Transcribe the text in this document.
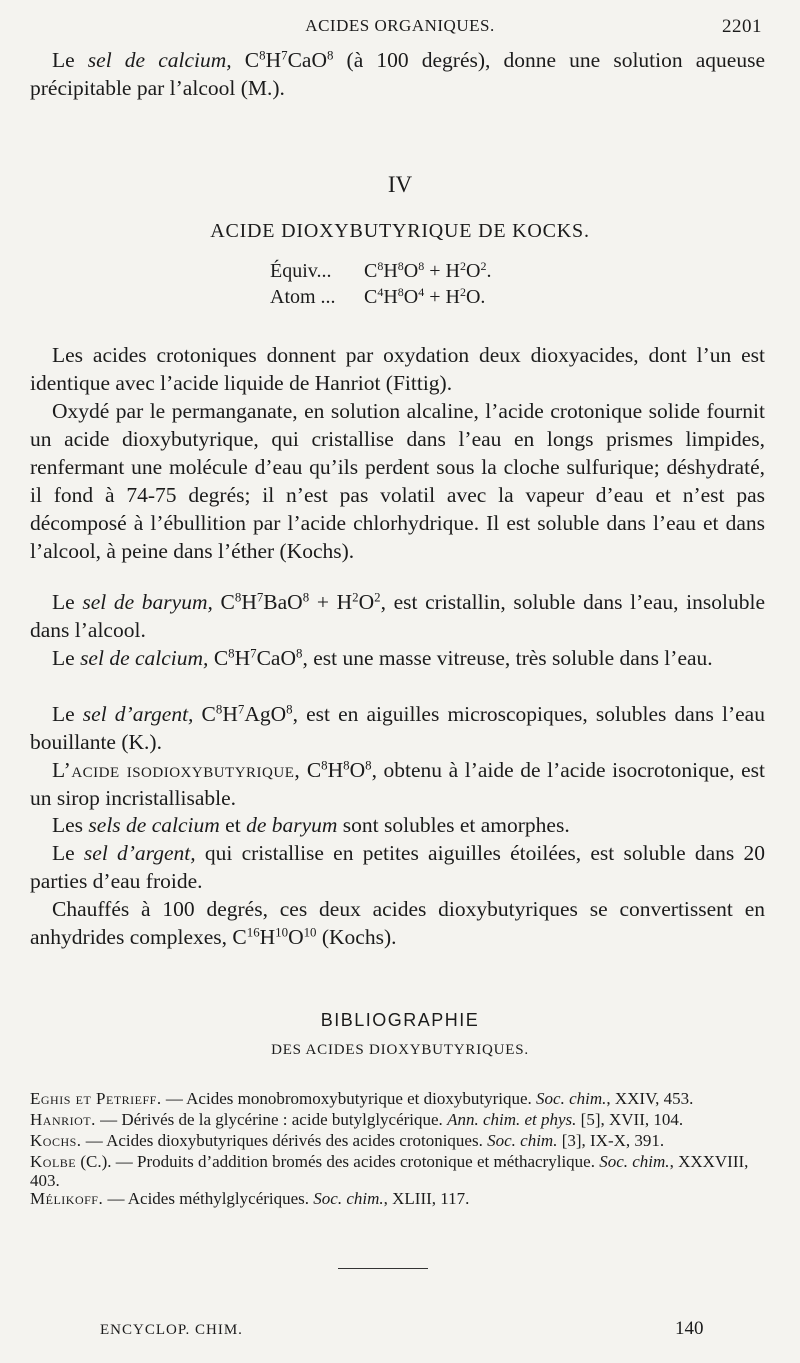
ACIDES ORGANIQUES.	2201
Le sel de calcium, $C^8H^7CaO^8$ (à 100 degrés), donne une solution aqueuse précipitable par l’alcool (M.).
IV
ACIDE DIOXYBUTYRIQUE DE KOCKS.
Équiv... $C^8H^8O^8 + H^2O^2$.
Atom ... $C^4H^8O^4 + H^2O$.
Les acides crotoniques donnent par oxydation deux dioxyacides, dont l’un est identique avec l’acide liquide de Hanriot (Fittig).
Oxydé par le permanganate, en solution alcaline, l’acide crotonique solide fournit un acide dioxybutyrique, qui cristallise dans l’eau en longs prismes limpides, renfermant une molécule d’eau qu’ils perdent sous la cloche sulfurique; déshydraté, il fond à 74-75 degrés; il n’est pas volatil avec la vapeur d’eau et n’est pas décomposé à l’ébullition par l’acide chlorhydrique. Il est soluble dans l’eau et dans l’alcool, à peine dans l’éther (Kochs).
Le sel de baryum, $C^8H^7BaO^8 + H^2O^2$, est cristallin, soluble dans l’eau, insoluble dans l’alcool.
Le sel de calcium, $C^8H^7CaO^8$, est une masse vitreuse, très soluble dans l’eau.
Le sel d’argent, $C^8H^7AgO^8$, est en aiguilles microscopiques, solubles dans l’eau bouillante (K.).
L’acide isodioxybutyrique, $C^8H^8O^8$, obtenu à l’aide de l’acide isocrotonique, est un sirop incristallisable.
Les sels de calcium et de baryum sont solubles et amorphes.
Le sel d’argent, qui cristallise en petites aiguilles étoilées, est soluble dans 20 parties d’eau froide.
Chauffés à 100 degrés, ces deux acides dioxybutyriques se convertissent en anhydrides complexes, $C^{16}H^{10}O^{10}$ (Kochs).
BIBLIOGRAPHIE
DES ACIDES DIOXYBUTYRIQUES.
Eghis et Petrieff. — Acides monobromoxybutyrique et dioxybutyrique. Soc. chim., XXIV, 453.
Hanriot. — Dérivés de la glycérine : acide butylglycérique. Ann. chim. et phys. [5], XVII, 104.
Kochs. — Acides dioxybutyriques dérivés des acides crotoniques. Soc. chim. [3], IX-X, 391.
Kolbe (C.). — Produits d’addition bromés des acides crotonique et méthacrylique. Soc. chim., XXXVIII, 403.
Mélikoff. — Acides méthylglycériques. Soc. chim., XLIII, 117.
ENCYCLOP. CHIM.	140
